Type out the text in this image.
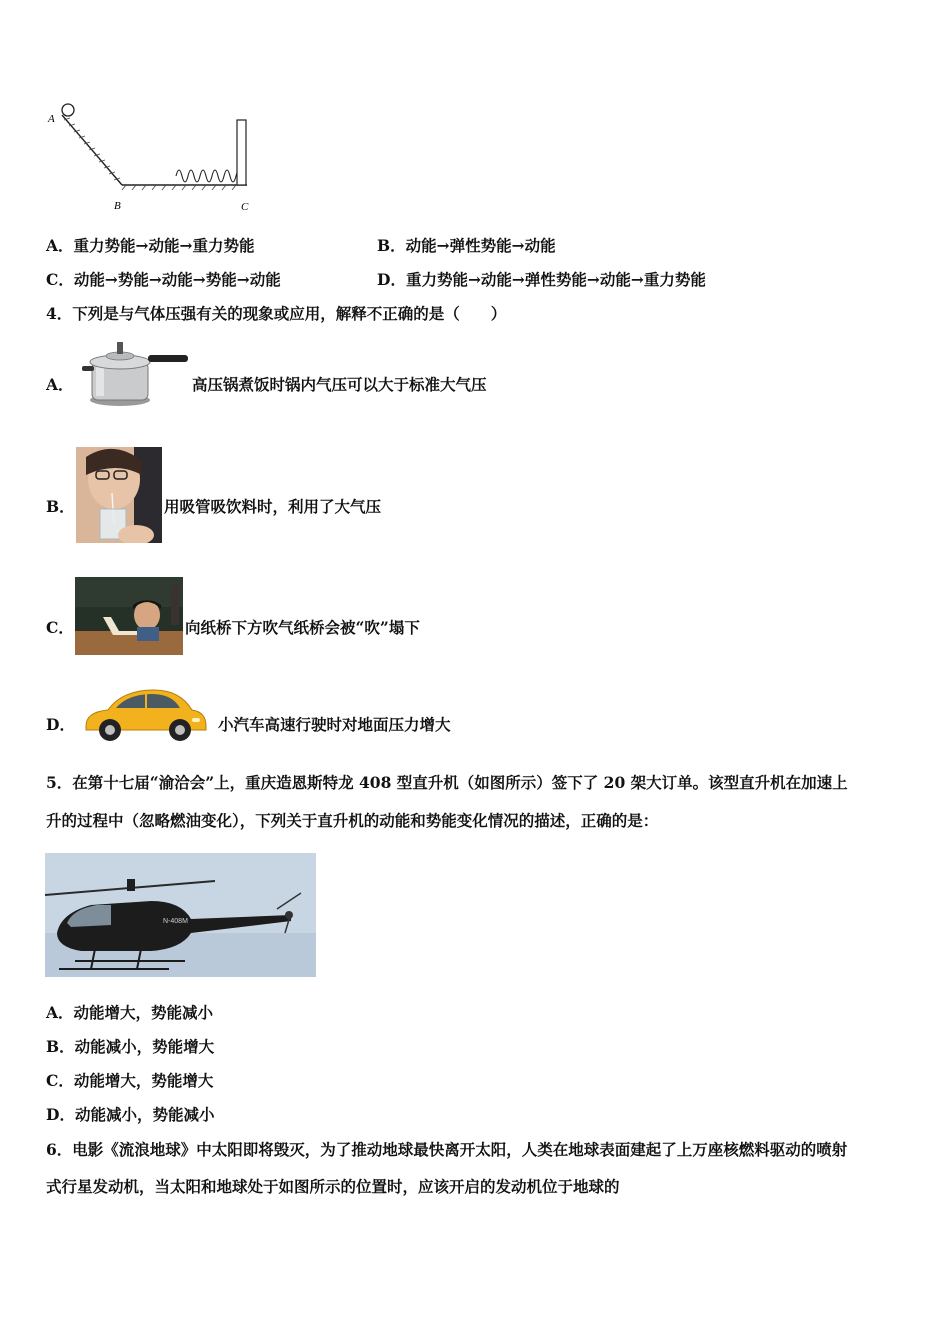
A
B	C
A．重力势能→动能→重力势能	B．动能→弹性势能→动能
C．动能→势能→动能→势能→动能	D．重力势能→动能→弹性势能→动能→重力势能
4．下列是与气体压强有关的现象或应用，解释不正确的是（　　）
A．	高压锅煮饭时锅内气压可以大于标准大气压
B．	用吸管吸饮料时，利用了大气压
C．	向纸桥下方吹气纸桥会被“吹”塌下
D．	小汽车高速行驶时对地面压力增大
5．在第十七届“渝洽会”上，重庆造恩斯特龙 408 型直升机（如图所示）签下了 20 架大订单。该型直升机在加速上
升的过程中（忽略燃油变化），下列关于直升机的动能和势能变化情况的描述，正确的是：
N-408M
A．动能增大，势能减小
B．动能减小，势能增大
C．动能增大，势能增大
D．动能减小，势能减小
6．电影《流浪地球》中太阳即将毁灭，为了推动地球最快离开太阳，人类在地球表面建起了上万座核燃料驱动的喷射
式行星发动机，当太阳和地球处于如图所示的位置时，应该开启的发动机位于地球的
